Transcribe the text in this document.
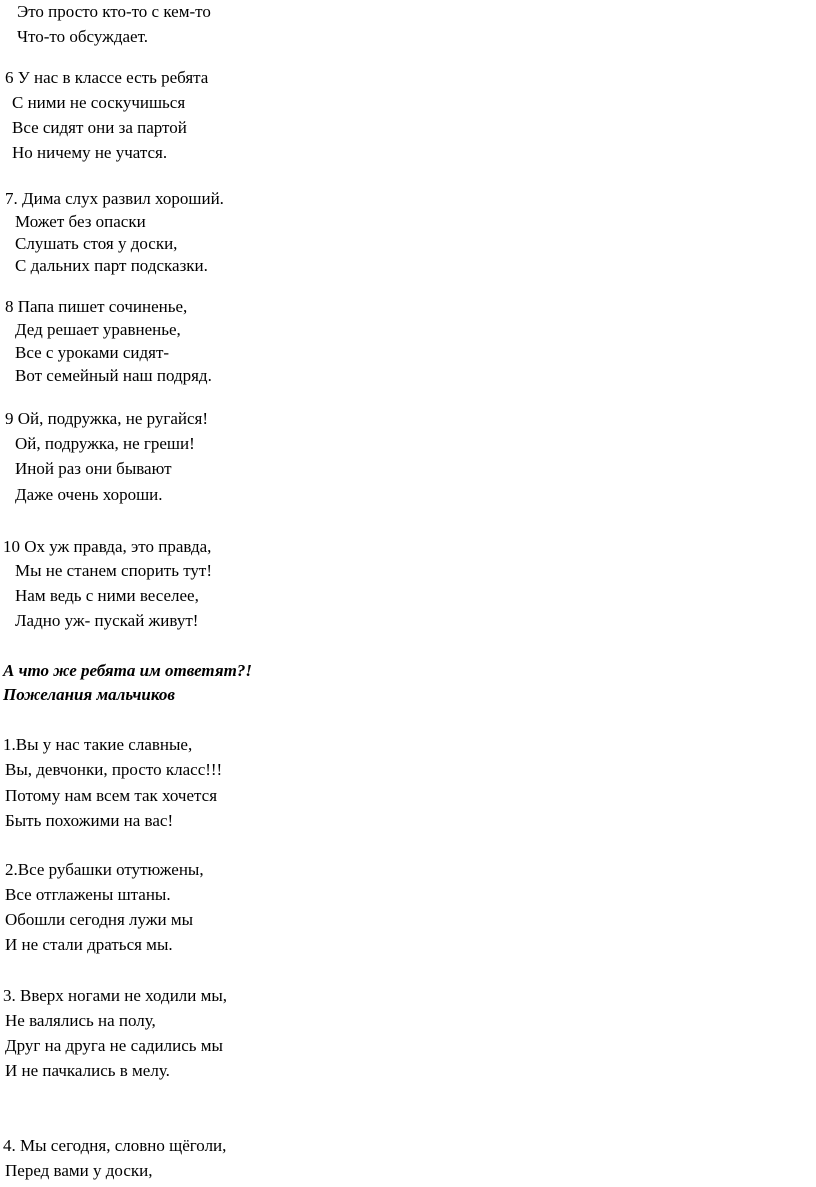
Это просто кто-то с кем-то
Что-то обсуждает.
6 У нас в классе есть ребята
С ними не соскучишься
Все сидят они за партой
Но ничему не учатся.
7. Дима слух развил хороший.
Может без опаски
Слушать стоя у доски,
С дальних парт подсказки.
8 Папа пишет сочиненье,
Дед решает уравненье,
Все с уроками сидят-
Вот семейный наш подряд.
9 Ой, подружка, не ругайся!
Ой, подружка, не греши!
Иной раз они бывают
Даже очень хороши.
10 Ох уж правда, это правда,
Мы не станем спорить тут!
Нам ведь с ними веселее,
Ладно уж- пускай живут!
А что же ребята им ответят?!
Пожелания мальчиков
1.Вы у нас такие славные,
Вы, девчонки, просто класс!!!
Потому нам всем так хочется
Быть похожими на вас!
2.Все рубашки отутюжены,
Все отглажены штаны.
Обошли сегодня лужи мы
И не стали драться мы.
3. Вверх ногами не ходили мы,
Не валялись на полу,
Друг на друга не садились мы
И не пачкались в мелу.
4. Мы сегодня, словно щёголи,
Перед вами у доски,
